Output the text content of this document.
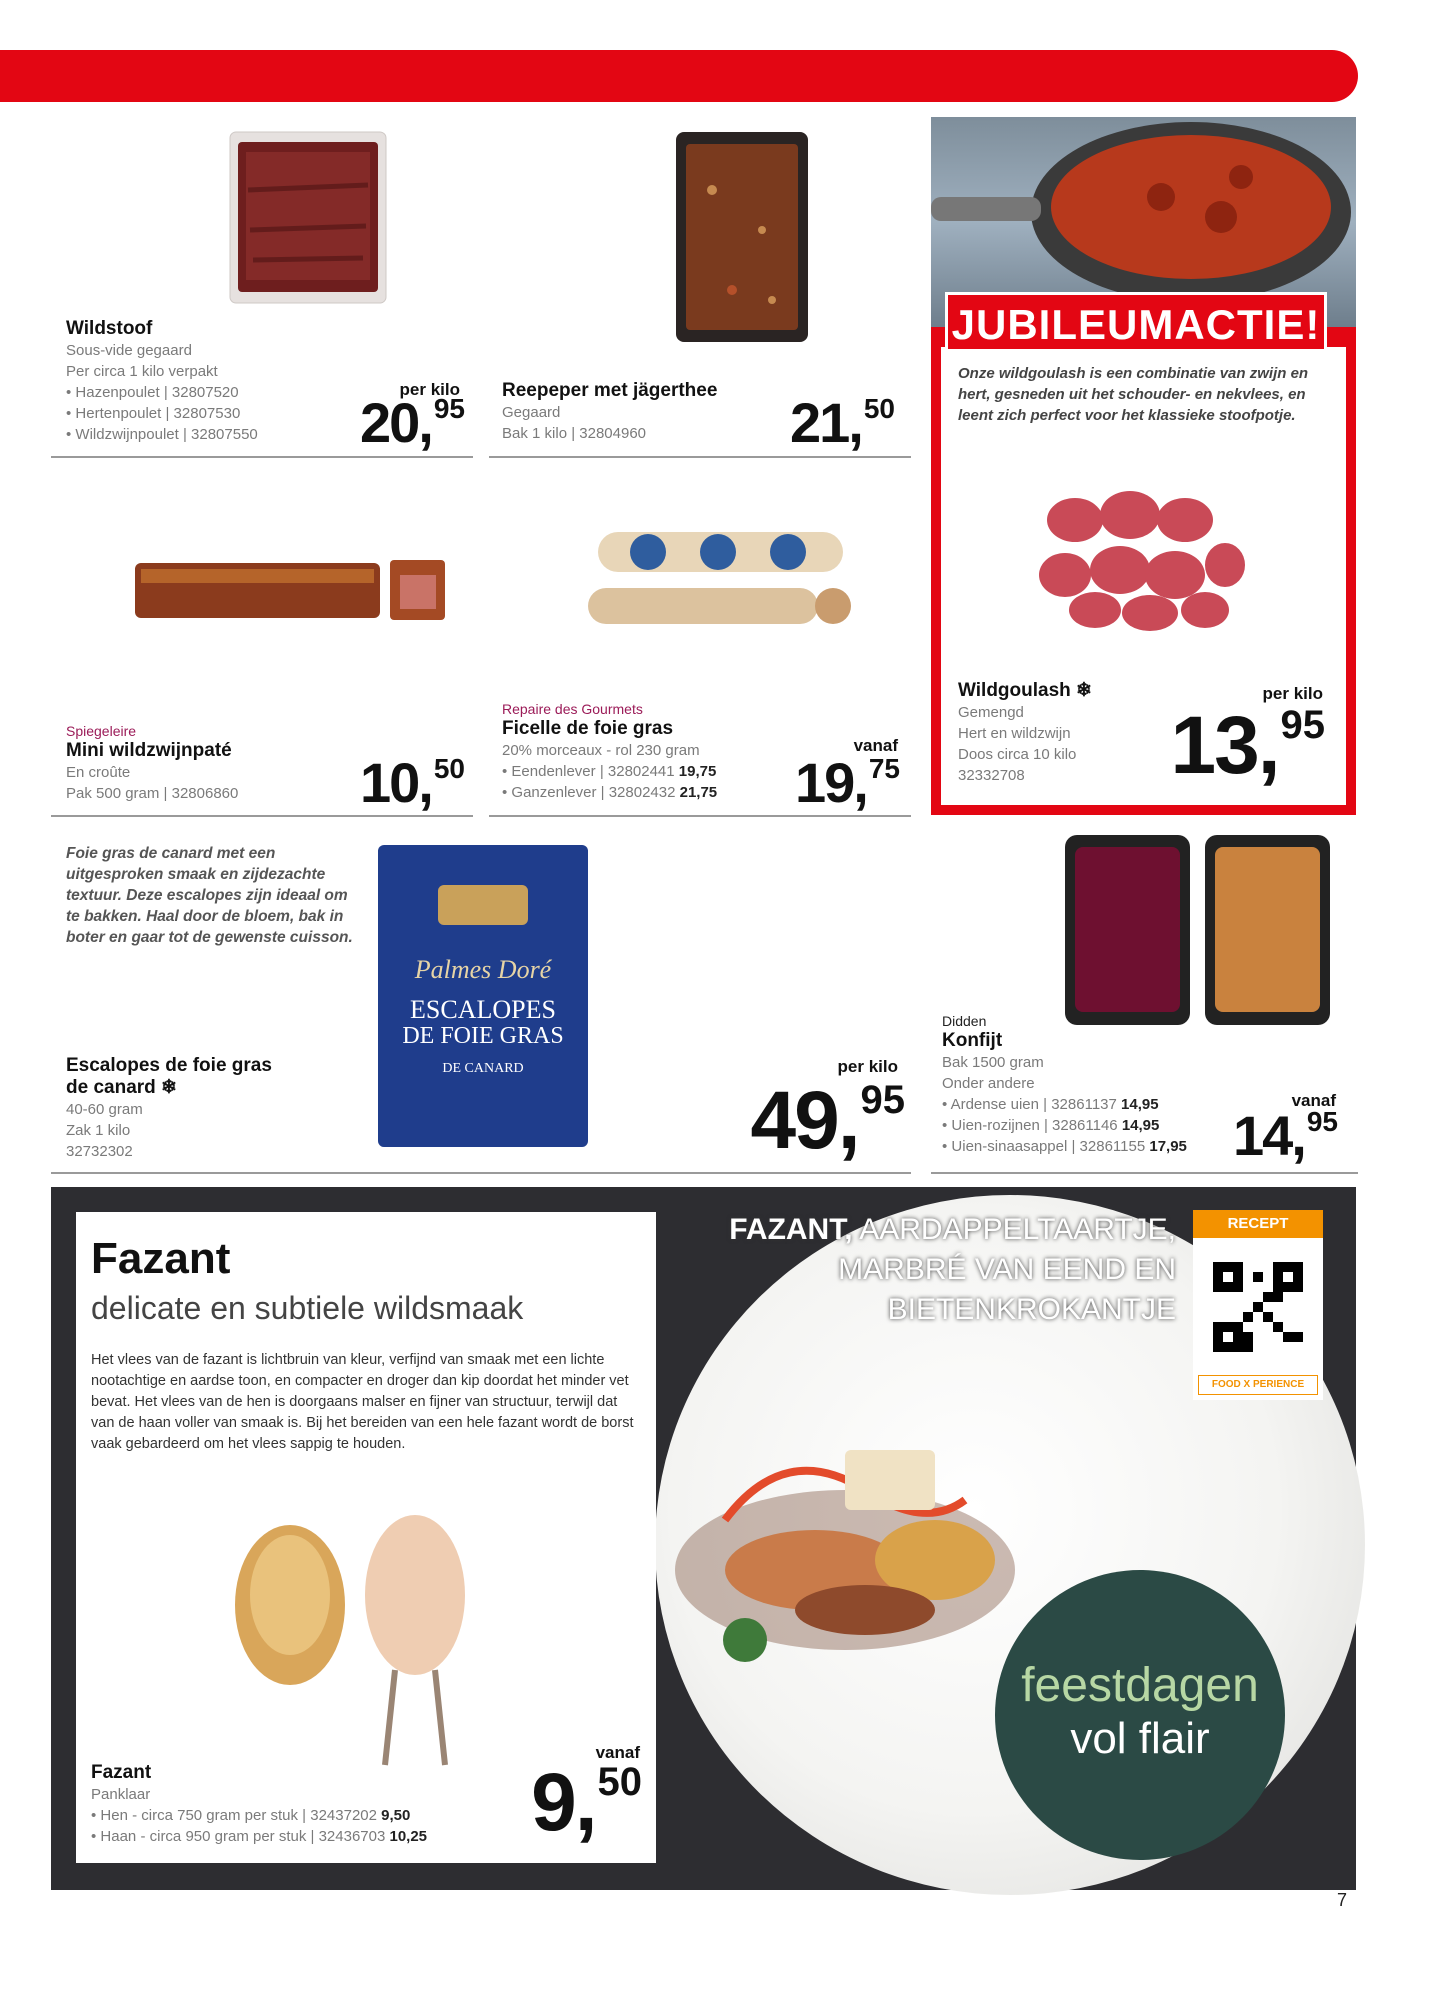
Wildstoof
Sous-vide gegaard
Per circa 1 kilo verpakt
• Hazenpoulet | 32807520
• Hertenpoulet | 32807530
• Wildzwijnpoulet | 32807550
per kilo
20,95
Reepeper met jägerthee
Gegaard
Bak 1 kilo | 32804960	21,50
JUBILEUMACTIE!
Onze wildgoulash is een combinatie van zwijn en hert, gesneden uit het schouder- en nekvlees, en leent zich perfect voor het klassieke stoofpotje.
Wildgoulash ❄
Gemengd
Hert en wildzwijn
Doos circa 10 kilo
32332708
per kilo
13,95
Spiegeleire
Mini wildzwijnpaté
En croûte
Pak 500 gram | 32806860	10,50
Repaire des Gourmets
Ficelle de foie gras
20% morceaux - rol 230 gram
• Eendenlever | 32802441 19,75
• Ganzenlever | 32802432 21,75
vanaf
19,75
Foie gras de canard met een uitgesproken smaak en zijdezachte textuur. Deze escalopes zijn ideaal om te bakken. Haal door de bloem, bak in boter en gaar tot de gewenste cuisson.
Palmes Doré
ESCALOPES
DE FOIE GRAS
DE CANARD
Escalopes de foie gras
de canard ❄
40-60 gram
Zak 1 kilo
32732302
per kilo
49,95
Didden
Konfijt
Bak 1500 gram
Onder andere
• Ardense uien | 32861137 14,95
• Uien-rozijnen | 32861146 14,95
• Uien-sinaasappel | 32861155 17,95
vanaf
14,95
Fazant
delicate en subtiele wildsmaak
Het vlees van de fazant is lichtbruin van kleur, verfijnd van smaak met een lichte nootachtige en aardse toon, en compacter en droger dan kip doordat het minder vet bevat. Het vlees van de hen is doorgaans malser en fijner van structuur, terwijl dat van de haan voller van smaak is. Bij het bereiden van een hele fazant wordt de borst vaak gebardeerd om het vlees sappig te houden.
Fazant
Panklaar
• Hen - circa 750 gram per stuk | 32437202 9,50
• Haan - circa 950 gram per stuk | 32436703 10,25
vanaf
9,50
FAZANT, AARDAPPELTAARTJE,
MARBRÉ VAN EEND EN
BIETENKROKANTJE
RECEPT
FOOD X PERIENCE
feestdagen
vol flair
7
